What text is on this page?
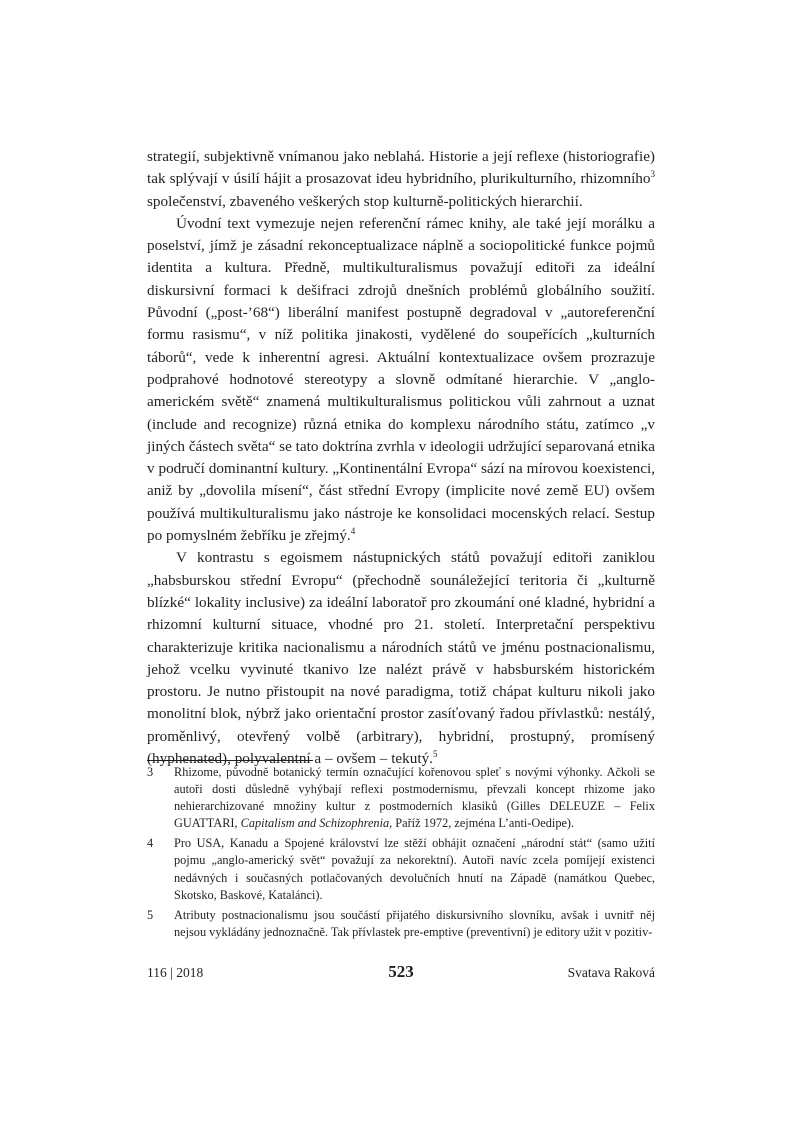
strategií, subjektivně vnímanou jako neblahá. Historie a její reflexe (historiografie) tak splývají v úsilí hájit a prosazovat ideu hybridního, plurikulturního, rhizomního$^3$ společenství, zbaveného veškerých stop kulturně-politických hierarchií.

Úvodní text vymezuje nejen referenční rámec knihy, ale také její morálku a poselství, jímž je zásadní rekonceptualizace náplně a sociopolitické funkce pojmů identita a kultura. Předně, multikulturalismus považují editoři za ideální diskursivní formaci k dešifraci zdrojů dnešních problémů globálního soužití. Původní („post-’68“) liberální manifest postupně degradoval v „autoreferenční formu rasismu“, v níž politika jinakosti, vydělené do soupeřících „kulturních táborů“, vede k inherentní agresi. Aktuální kontextualizace ovšem prozrazuje podprahové hodnotové stereotypy a slovně odmítané hierarchie. V „anglo-americkém světě“ znamená multikulturalismus politickou vůli zahrnout a uznat (include and recognize) různá etnika do komplexu národního státu, zatímco „v jiných částech světa“ se tato doktrína zvrhla v ideologii udržující separovaná etnika v područí dominantní kultury. „Kontinentální Evropa“ sází na mírovou koexistenci, aniž by „dovolila mísení“, část střední Evropy (implicite nové země EU) ovšem používá multikulturalismu jako nástroje ke konsolidaci mocenských relací. Sestup po pomyslném žebříku je zřejmý.$^4$

V kontrastu s egoismem nástupnických států považují editoři zaniklou „habsburskou střední Evropu“ (přechodně sounáležející teritoria či „kulturně blízké“ lokality inclusive) za ideální laboratoř pro zkoumání oné kladné, hybridní a rhizomní kulturní situace, vhodné pro 21. století. Interpretační perspektivu charakterizuje kritika nacionalismu a národních států ve jménu postnacionalismu, jehož vcelku vyvinuté tkanivo lze nalézt právě v habsburském historickém prostoru. Je nutno přistoupit na nové paradigma, totiž chápat kulturu nikoli jako monolitní blok, nýbrž jako orientační prostor zasíťovaný řadou přívlastků: nestálý, proměnlivý, otevřený volbě (arbitrary), hybridní, prostupný, promísený (hyphenated), polyvalentní a – ovšem – tekutý.$^5$

3 Rhizome, původně botanický termín označující kořenovou spleť s novými výhonky. Ačkoli se autoři dosti důsledně vyhýbají reflexi postmodernismu, převzali koncept rhizome jako nehierarchizované množiny kultur z postmoderních klasiků (Gilles DELEUZE – Felix GUATTARI, Capitalism and Schizophrenia, Paříž 1972, zejména L’anti-Oedipe).
4 Pro USA, Kanadu a Spojené království lze stěží obhájit označení „národní stát“ (samo užití pojmu „anglo-americký svět“ považují za nekorektní). Autoři navíc zcela pomíjejí existenci nedávných i současných potlačovaných devolučních hnutí na Západě (namátkou Quebec, Skotsko, Baskové, Katalánci).
5 Atributy postnacionalismu jsou součástí přijatého diskursivního slovníku, avšak i uvnitř něj nejsou vykládány jednoznačně. Tak přívlastek pre-emptive (preventivní) je editory užit v pozitiv-
116 | 2018	523	Svatava Raková
